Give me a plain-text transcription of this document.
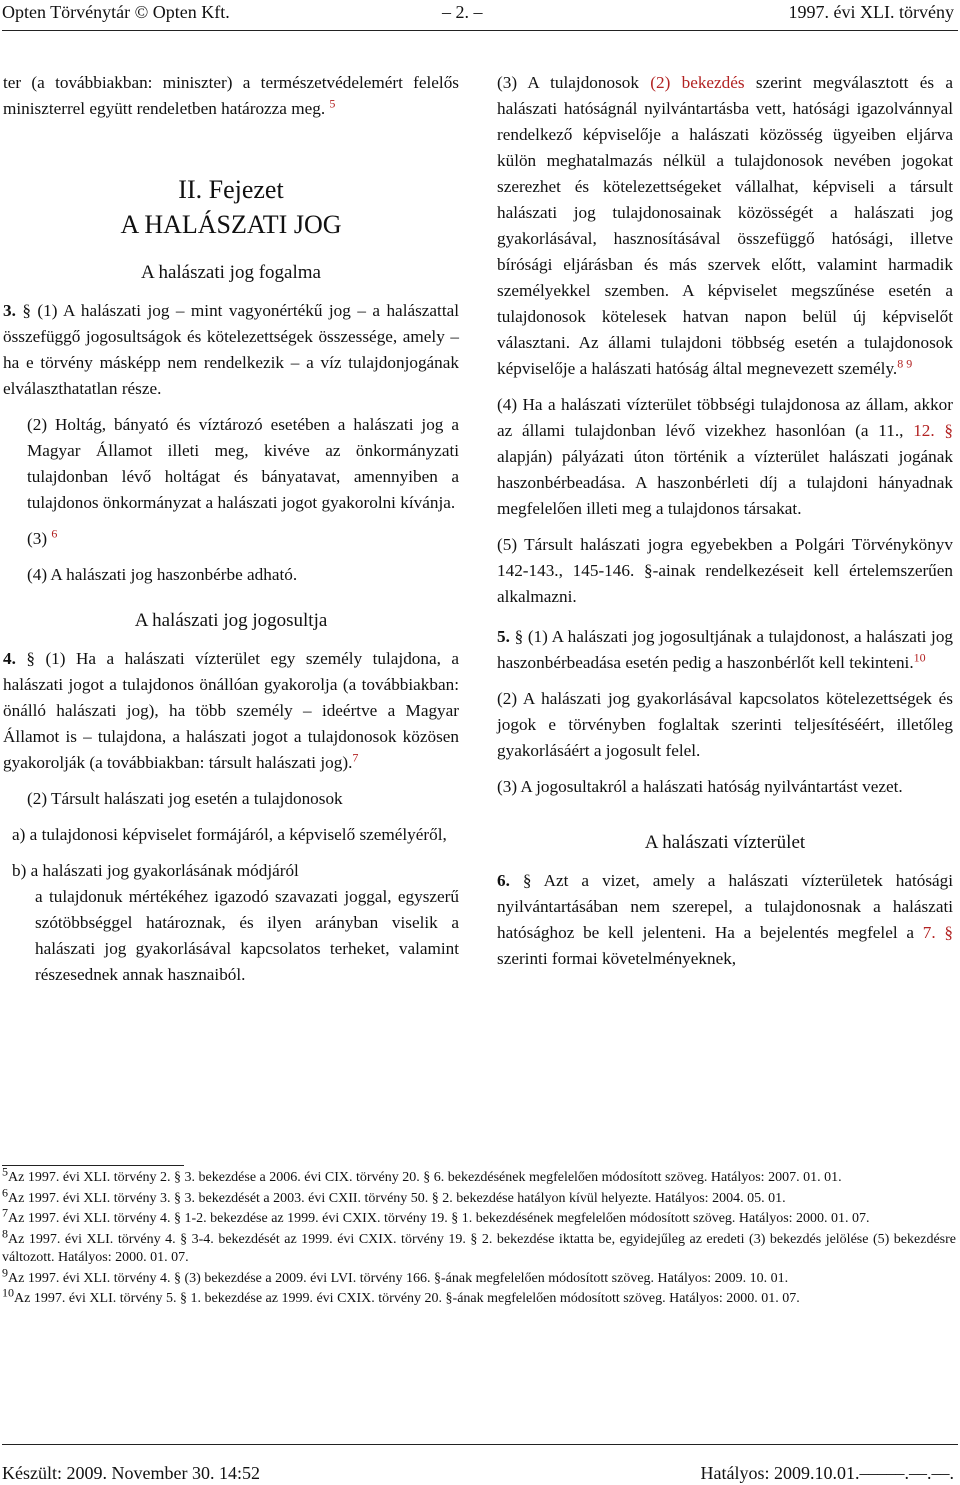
Opten Törvénytár © Opten Kft.	– 2. –	1997. évi XLI. törvény

ter (a továbbiakban: miniszter) a természetvédelemért felelős miniszterrel együtt rendeletben határozza meg. $^5$

II. Fejezet

A HALÁSZATI JOG

A halászati jog fogalma

3. § (1) A halászati jog – mint vagyonértékű jog – a halászattal összefüggő jogosultságok és kötelezettségek összessége, amely – ha e törvény másképp nem rendelkezik – a víz tulajdonjogának elválaszthatatlan része.

(2) Holtág, bányató és víztározó esetében a halászati jog a Magyar Államot illeti meg, kivéve az önkormányzati tulajdonban lévő holtágat és bányatavat, amennyiben a tulajdonos önkormányzat a halászati jogot gyakorolni kívánja.

(3) $^6$

(4) A halászati jog haszonbérbe adható.

A halászati jog jogosultja

4. § (1) Ha a halászati vízterület egy személy tulajdona, a halászati jogot a tulajdonos önállóan gyakorolja (a továbbiakban: önálló halászati jog), ha több személy – ideértve a Magyar Államot is – tulajdona, a halászati jogot a tulajdonosok közösen gyakorolják (a továbbiakban: társult halászati jog).$^7$

(2) Társult halászati jog esetén a tulajdonosok

a) a tulajdonosi képviselet formájáról, a képviselő személyéről,

b) a halászati jog gyakorlásának módjáról

a tulajdonuk mértékéhez igazodó szavazati joggal, egyszerű szótöbbséggel határoznak, és ilyen arányban viselik a halászati jog gyakorlásával kapcsolatos terheket, valamint részesednek annak hasznaiból.

(3) A tulajdonosok (2) bekezdés szerint megválasztott és a halászati hatóságnál nyilvántartásba vett, hatósági igazolvánnyal rendelkező képviselője a halászati közösség ügyeiben eljárva külön meghatalmazás nélkül a tulajdonosok nevében jogokat szerezhet és kötelezettségeket vállalhat, képviseli a társult halászati jog tulajdonosainak közösségét a halászati jog gyakorlásával, hasznosításával összefüggő hatósági, illetve bírósági eljárásban és más szervek előtt, valamint harmadik személyekkel szemben. A képviselet megszűnése esetén a tulajdonosok kötelesek hatvan napon belül új képviselőt választani. Az állami tulajdoni többség esetén a tulajdonosok képviselője a halászati hatóság által megnevezett személy.$^{8 9}$

(4) Ha a halászati vízterület többségi tulajdonosa az állam, akkor az állami tulajdonban lévő vizekhez hasonlóan (a 11., 12. § alapján) pályázati úton történik a vízterület halászati jogának haszonbérbeadása. A haszonbérleti díj a tulajdoni hányadnak megfelelően illeti meg a tulajdonos társakat.

(5) Társult halászati jogra egyebekben a Polgári Törvénykönyv 142-143., 145-146. §-ainak rendelkezéseit kell értelemszerűen alkalmazni.

5. § (1) A halászati jog jogosultjának a tulajdonost, a halászati jog haszonbérbeadása esetén pedig a haszonbérlőt kell tekinteni.$^{10}$

(2) A halászati jog gyakorlásával kapcsolatos kötelezettségek és jogok e törvényben foglaltak szerinti teljesítéséért, illetőleg gyakorlásáért a jogosult felel.

(3) A jogosultakról a halászati hatóság nyilvántartást vezet.

A halászati vízterület

6. § Azt a vizet, amely a halászati vízterületek hatósági nyilvántartásában nem szerepel, a tulajdonosnak a halászati hatósághoz be kell jelenteni. Ha a bejelentés megfelel a 7. § szerinti formai követelményeknek,

$^5$Az 1997. évi XLI. törvény 2. § 3. bekezdése a 2006. évi CIX. törvény 20. § 6. bekezdésének megfelelően módosított szöveg. Hatályos: 2007. 01. 01.
$^6$Az 1997. évi XLI. törvény 3. § 3. bekezdését a 2003. évi CXII. törvény 50. § 2. bekezdése hatályon kívül helyezte. Hatályos: 2004. 05. 01.
$^7$Az 1997. évi XLI. törvény 4. § 1-2. bekezdése az 1999. évi CXIX. törvény 19. § 1. bekezdésének megfelelően módosított szöveg. Hatályos: 2000. 01. 07.
$^8$Az 1997. évi XLI. törvény 4. § 3-4. bekezdését az 1999. évi CXIX. törvény 19. § 2. bekezdése iktatta be, egyidejűleg az eredeti (3) bekezdés jelölése (5) bekezdésre változott. Hatályos: 2000. 01. 07.
$^9$Az 1997. évi XLI. törvény 4. § (3) bekezdése a 2009. évi LVI. törvény 166. §-ának megfelelően módosított szöveg. Hatályos: 2009. 10. 01.
$^{10}$Az 1997. évi XLI. törvény 5. § 1. bekezdése az 1999. évi CXIX. törvény 20. §-ának megfelelően módosított szöveg. Hatályos: 2000. 01. 07.
Készült: 2009. November 30. 14:52	Hatályos: 2009.10.01.–––––.––.––.
